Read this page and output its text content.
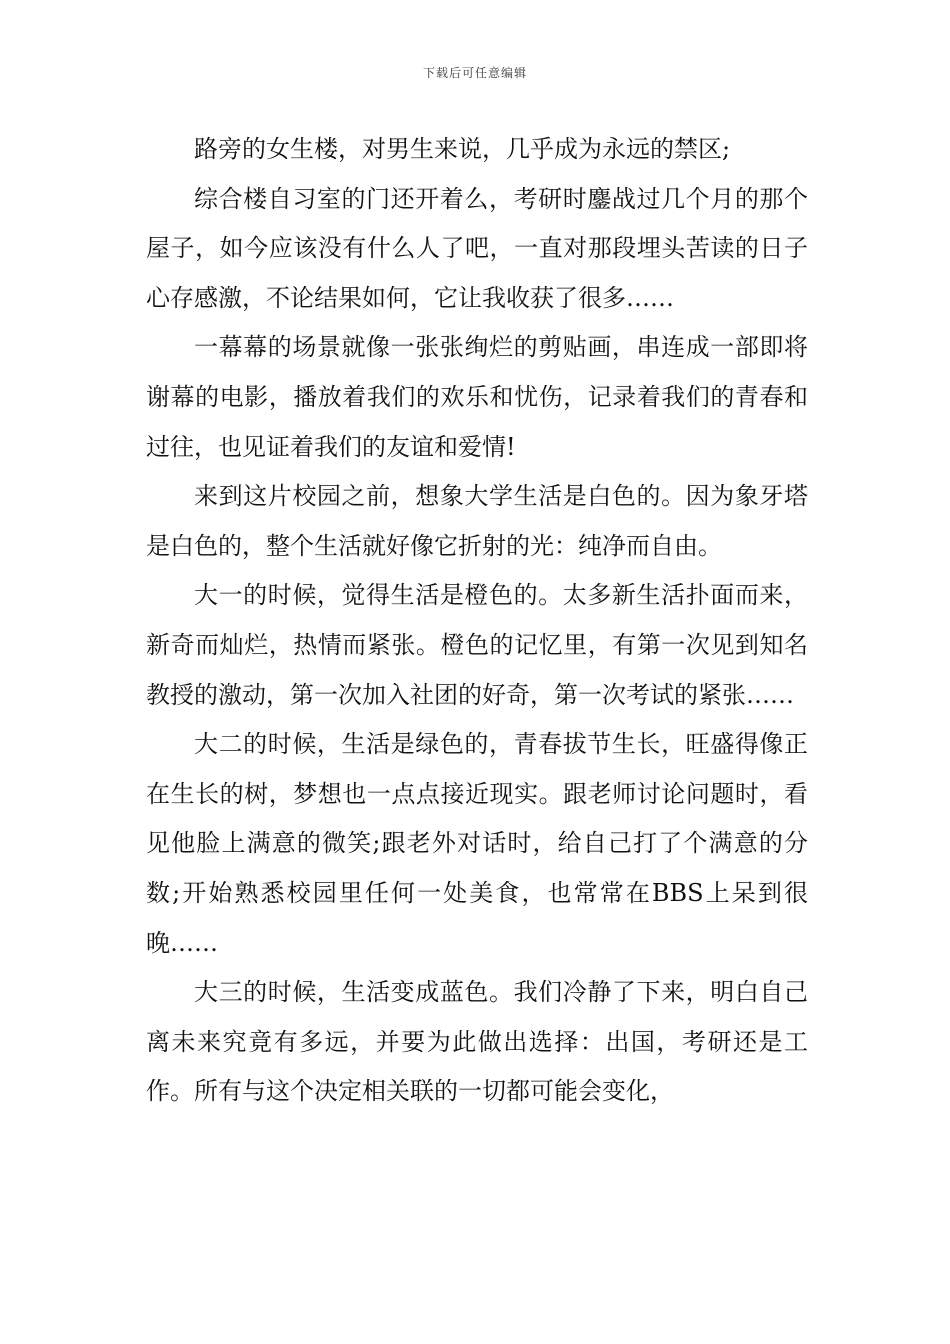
下载后可任意编辑

路旁的女生楼，对男生来说，几乎成为永远的禁区;

综合楼自习室的门还开着么，考研时鏖战过几个月的那个屋子，如今应该没有什么人了吧，一直对那段埋头苦读的日子心存感激，不论结果如何，它让我收获了很多……

一幕幕的场景就像一张张绚烂的剪贴画，串连成一部即将谢幕的电影，播放着我们的欢乐和忧伤，记录着我们的青春和过往，也见证着我们的友谊和爱情!

来到这片校园之前，想象大学生活是白色的。因为象牙塔是白色的，整个生活就好像它折射的光：纯净而自由。

大一的时候，觉得生活是橙色的。太多新生活扑面而来，新奇而灿烂，热情而紧张。橙色的记忆里，有第一次见到知名教授的激动，第一次加入社团的好奇，第一次考试的紧张……

大二的时候，生活是绿色的，青春拔节生长，旺盛得像正在生长的树，梦想也一点点接近现实。跟老师讨论问题时，看见他脸上满意的微笑;跟老外对话时，给自己打了个满意的分数;开始熟悉校园里任何一处美食，也常常在BBS上呆到很晚……

大三的时候，生活变成蓝色。我们冷静了下来，明白自己离未来究竟有多远，并要为此做出选择：出国，考研还是工作。所有与这个决定相关联的一切都可能会变化，
